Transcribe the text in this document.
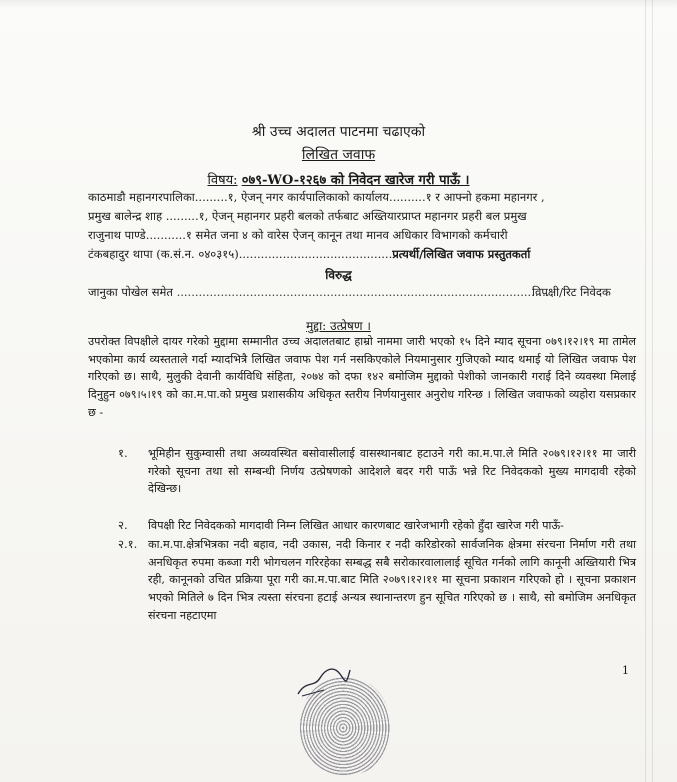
श्री उच्च अदालत पाटनमा चढाएको
लिखित जवाफ
विषय: ०७९-WO-१२६७ को निवेदन खारेज गरी पाऊँ ।
काठमाडौ महानगरपालिका.........१, ऐजन् नगर कार्यपालिकाको कार्यालय..........१ र आफ्नो हकमा महानगर ,
प्रमुख बालेन्द्र शाह .........१, ऐजन् महानगर प्रहरी बलको तर्फबाट अख्तियारप्राप्त महानगर प्रहरी बल प्रमुख
राजुनाथ पाण्डे...........१ समेत जना ४ को वारेस ऐजन् कानून तथा मानव अधिकार विभागको कर्मचारी
टंकबहादुर थापा (क.सं.न. ०४०३१५)..........................................प्रत्यर्थी/लिखित जवाफ प्रस्तुतकर्ता
विरुद्ध
जानुका पोखेल समेत ......................................................................................................
विपक्षी/रिट निवेदक
मुद्दा: उत्प्रेषण ।
उपरोक्त विपक्षीले दायर गरेको मुद्दामा सम्मानीत उच्च अदालतबाट हाम्रो नाममा जारी भएको १५ दिने म्याद सूचना ०७९।१२।१९ मा तामेल भएकोमा कार्य व्यस्तताले गर्दा म्यादभित्रै लिखित जवाफ पेश गर्न नसकिएकोले नियमानुसार गुजिएको म्याद थमाई यो लिखित जवाफ पेश गरिएको छ। साथै, मुलुकी देवानी कार्यविधि संहिता, २०७४ को दफा १४२ बमोजिम मुद्दाको पेशीको जानकारी गराई दिने व्यवस्था मिलाई दिनुहुन ०७९।५।१९ को का.म.पा.को प्रमुख प्रशासकीय अधिकृत स्तरीय निर्णयानुसार अनुरोध गरिन्छ । लिखित जवाफको व्यहोरा यसप्रकार छ -
१. भूमिहीन सुकुम्वासी तथा अव्यवस्थित बसोवासीलाई वासस्थानबाट हटाउने गरी का.म.पा.ले मिति २०७९।१२।११ मा जारी गरेको सूचना तथा सो सम्बन्धी निर्णय उत्प्रेषणको आदेशले बदर गरी पाऊँ भन्ने रिट निवेदकको मुख्य मागदावी रहेको देखिन्छ।
२. विपक्षी रिट निवेदकको मागदावी निम्न लिखित आधार कारणबाट खारेजभागी रहेको हुँदा खारेज गरी पाऊँ-
२.१. का.म.पा.क्षेत्रभित्रका नदी बहाव, नदी उकास, नदी किनार र नदी करिडोरको सार्वजनिक क्षेत्रमा संरचना निर्माण गरी तथा अनधिकृत रुपमा कब्जा गरी भोगचलन गरिरहेका सम्बद्ध सबै सरोकारवालालाई सूचित गर्नको लागि कानूनी अख्तियारी भित्र रही, कानूनको उचित प्रक्रिया पूरा गरी का.म.पा.बाट मिति २०७९।१२।११ मा सूचना प्रकाशन गरिएको हो । सूचना प्रकाशन भएको मितिले ७ दिन भित्र त्यस्ता संरचना हटाई अन्यत्र स्थानान्तरण हुन सूचित गरिएको छ । साथै, सो बमोजिम अनधिकृत संरचना नहटाएमा
1
